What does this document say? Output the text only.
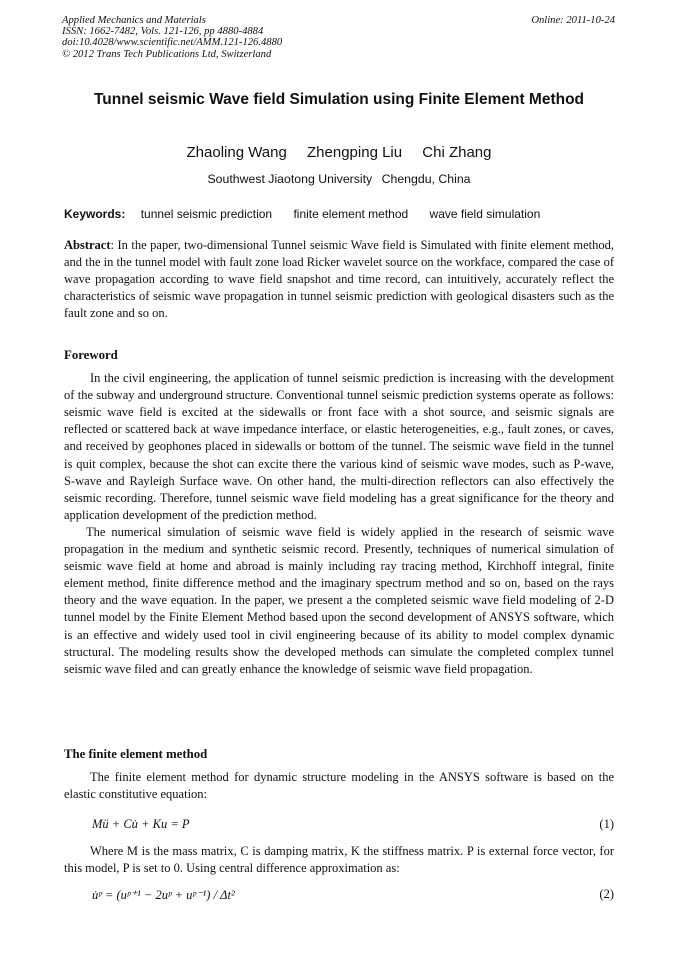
Applied Mechanics and Materials
ISSN: 1662-7482, Vols. 121-126, pp 4880-4884
doi:10.4028/www.scientific.net/AMM.121-126.4880
© 2012 Trans Tech Publications Ltd, Switzerland
Online: 2011-10-24
Tunnel seismic Wave field Simulation using Finite Element Method
Zhaoling Wang Zhengping Liu Chi Zhang
Southwest Jiaotong University Chengdu, China
Keywords: tunnel seismic prediction finite element method wave field simulation

Abstract: In the paper, two-dimensional Tunnel seismic Wave field is Simulated with finite element method, and the in the tunnel model with fault zone load Ricker wavelet source on the workface, compared the case of wave propagation according to wave field snapshot and time record, can intuitively, accurately reflect the characteristics of seismic wave propagation in tunnel seismic prediction with geological disasters such as the fault zone and so on.

Foreword

In the civil engineering, the application of tunnel seismic prediction is increasing with the development of the subway and underground structure. Conventional tunnel seismic prediction systems operate as follows: seismic wave field is excited at the sidewalls or front face with a shot source, and seismic signals are reflected or scattered back at wave impedance interface, or elastic heterogeneities, e.g., fault zones, or caves, and received by geophones placed in sidewalls or bottom of the tunnel. The seismic wave field in the tunnel is quit complex, because the shot can excite there the various kind of seismic wave modes, such as P-wave, S-wave and Rayleigh Surface wave. On other hand, the multi-direction reflectors can also effectively the seismic recording. Therefore, tunnel seismic wave field modeling has a great significance for the theory and application development of the prediction method.

The numerical simulation of seismic wave field is widely applied in the research of seismic wave propagation in the medium and synthetic seismic record. Presently, techniques of numerical simulation of seismic wave field at home and abroad is mainly including ray tracing method, Kirchhoff integral, finite element method, finite difference method and the imaginary spectrum method and so on, based on the rays theory and the wave equation. In the paper, we present a the completed seismic wave field modeling of 2-D tunnel model by the Finite Element Method based upon the second development of ANSYS software, which is an effective and widely used tool in civil engineering because of its ability to model complex dynamic structural. The modeling results show the developed methods can simulate the completed complex tunnel seismic wave filed and can greatly enhance the knowledge of seismic wave field propagation.

The finite element method

The finite element method for dynamic structure modeling in the ANSYS software is based on the elastic constitutive equation:

Mü + Cu̇ + Ku = P	(1)

Where M is the mass matrix, C is damping matrix, K the stiffness matrix. P is external force vector, for this model, P is set to 0. Using central difference approximation as:

u̇ᵖ = (uᵖ⁺¹ − 2uᵖ + uᵖ⁻¹) / Δt²	(2)
